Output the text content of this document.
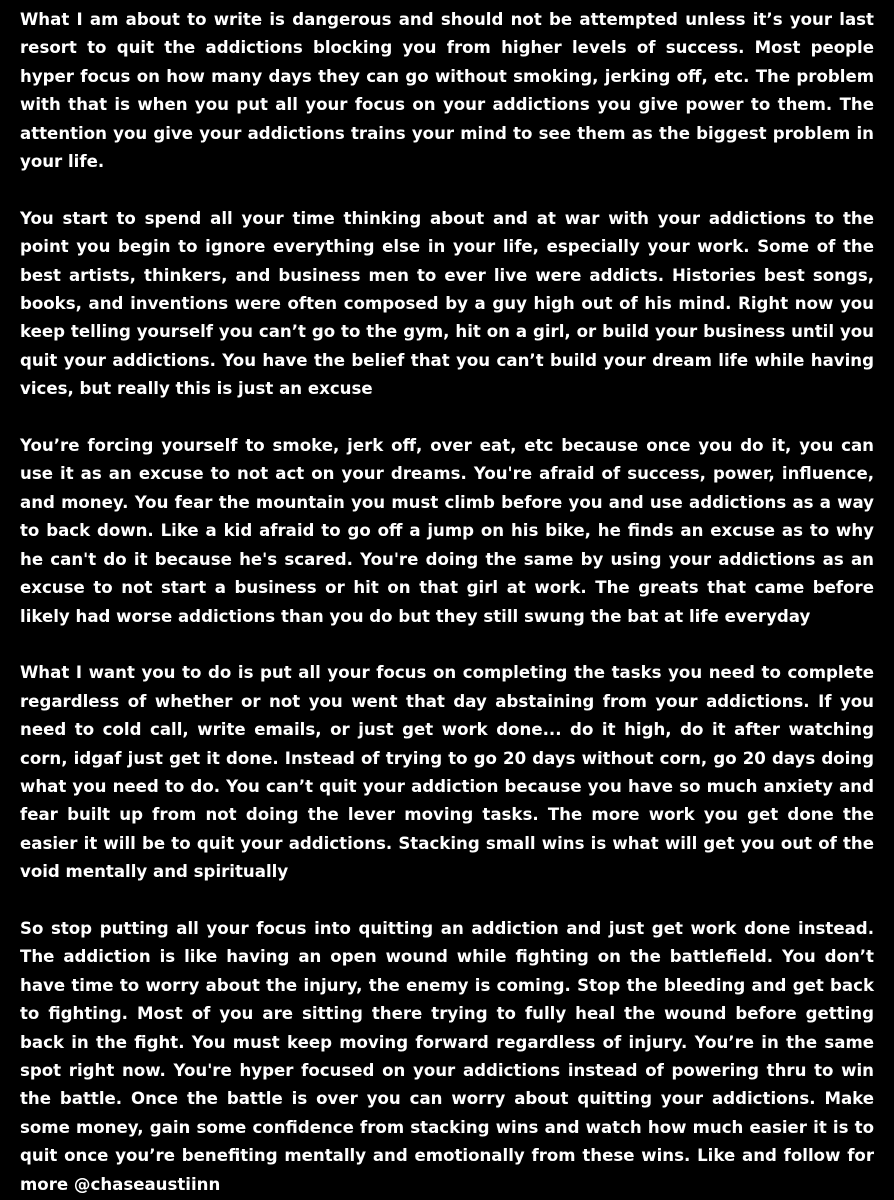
What I am about to write is dangerous and should not be attempted unless it’s your last resort to quit the addictions blocking you from higher levels of success. Most people hyper focus on how many days they can go without smoking, jerking off, etc. The problem with that is when you put all your focus on your addictions you give power to them. The attention you give your addictions trains your mind to see them as the biggest problem in your life.

You start to spend all your time thinking about and at war with your addictions to the point you begin to ignore everything else in your life, especially your work. Some of the best artists, thinkers, and business men to ever live were addicts. Histories best songs, books, and inventions were often composed by a guy high out of his mind. Right now you keep telling yourself you can’t go to the gym, hit on a girl, or build your business until you quit your addictions. You have the belief that you can’t build your dream life while having vices, but really this is just an excuse

You’re forcing yourself to smoke, jerk off, over eat, etc because once you do it, you can use it as an excuse to not act on your dreams. You're afraid of success, power, influence, and money. You fear the mountain you must climb before you and use addictions as a way to back down. Like a kid afraid to go off a jump on his bike, he finds an excuse as to why he can't do it because he's scared. You're doing the same by using your addictions as an excuse to not start a business or hit on that girl at work. The greats that came before likely had worse addictions than you do but they still swung the bat at life everyday

What I want you to do is put all your focus on completing the tasks you need to complete regardless of whether or not you went that day abstaining from your addictions. If you need to cold call, write emails, or just get work done... do it high, do it after watching corn, idgaf just get it done. Instead of trying to go 20 days without corn, go 20 days doing what you need to do. You can’t quit your addiction because you have so much anxiety and fear built up from not doing the lever moving tasks. The more work you get done the easier it will be to quit your addictions. Stacking small wins is what will get you out of the void mentally and spiritually

So stop putting all your focus into quitting an addiction and just get work done instead. The addiction is like having an open wound while fighting on the battlefield. You don’t have time to worry about the injury, the enemy is coming. Stop the bleeding and get back to fighting. Most of you are sitting there trying to fully heal the wound before getting back in the fight. You must keep moving forward regardless of injury. You’re in the same spot right now. You're hyper focused on your addictions instead of powering thru to win the battle. Once the battle is over you can worry about quitting your addictions. Make some money, gain some confidence from stacking wins and watch how much easier it is to quit once you’re benefiting mentally and emotionally from these wins. Like and follow for more @chaseaustiinn
